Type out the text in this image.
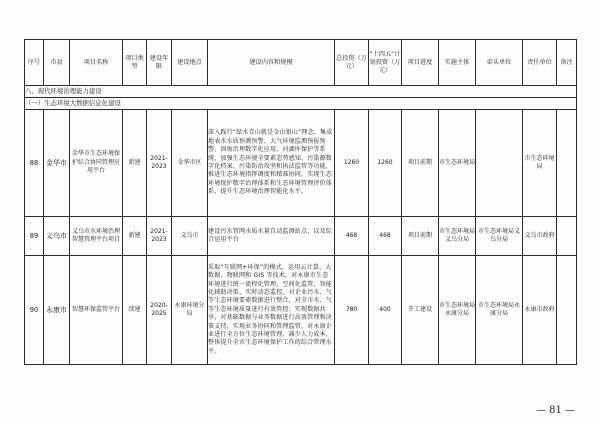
序号	市县	项目名称	项目类型	建设年限	建设地点	建设内容和规模	总投资（万元）	“十四五”计划投资（万元）	项目进度	实施主体	牵头单位	责任单位	备注
八、现代环境治理能力建设													
（一）生态环境大数据信息化建设													
88	金华市	金华市生态环境保护综合协同管理应用平台	新建	2021-2023	金华市区	深入践行“绿水青山就是金山银山”理念，集成地表水水质预测预警、大气环境监测预报预警、固废治理数字化应用、河湖库保护等系统，加强生态环境全要素态势感知、污染源数字化档案、污染防治攻坚和执法监管等功能，推进生态环境指挥调度和精准协同，实现生态环境保护数字治理体系和生态环境管理评价体系，提升生态环境治理智能化水平。	1260	1260	项目前期	市生态环境局		市生态环境局	
89	义乌市	义乌市水环境治理智慧管理平台项目	新建	2021-2023	义乌市	建设污水管网水质水量自动监测站点，以及综合运用平台	468	468	项目前期	市生态环境局义乌分局	市生态环境局义乌分局	义乌市政府	
90	永康市	智慧环保监管平台	续建	2020-2025	永康环境分局	采取“互联网+环保”的模式，运用云计算、大数据、物联网和 GIS 等技术，对永康市生态环境进行统一流程化管理、空间化监管、智能化辅助决策、实时动态监控。对企业污水、气等生态环境要素数据进行整合，对全市水、气等生态环境质量进行有效管控；实现数据共享，对基础数据与业务数据进行高效管理和决策支持，实现业务协同和管理监管，对永康企业进行全方位生态环境管理，减少人力成本，整体提升全市生态环境保护工作的综合管理水平。	780	400	开工建设	市生态环境局永康分局	市生态环境局永康分局	永康市政府	
— 81 —
